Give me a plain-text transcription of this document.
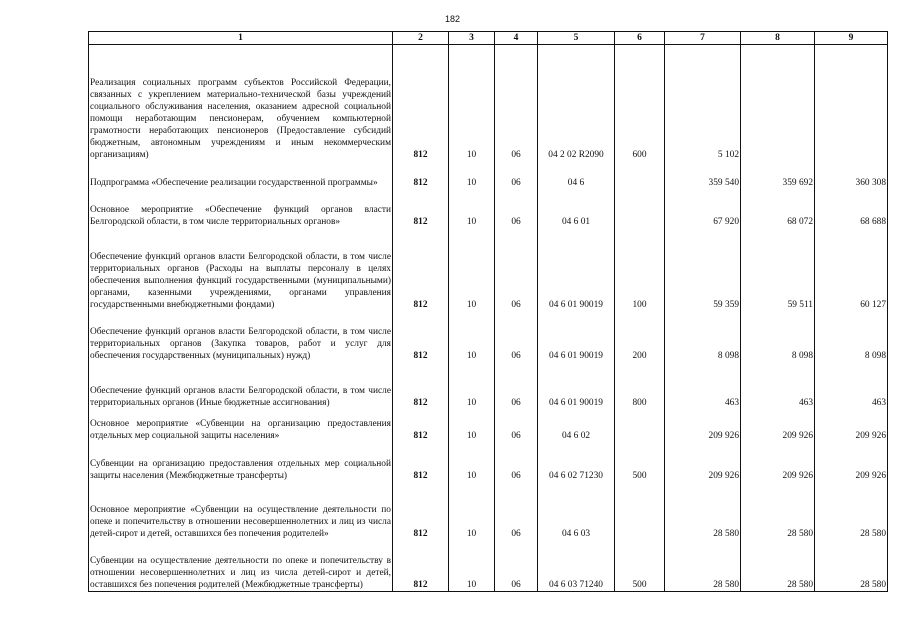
182
1	2	3	4	5	6	7	8	9
Реализация социальных программ субъектов Российской Федерации, связанных с укреплением материально-технической базы учреждений социального обслуживания населения, оказанием адресной социальной помощи неработающим пенсионерам, обучением компьютерной грамотности неработающих пенсионеров (Предоставление субсидий бюджетным, автономным учреждениям и иным некоммерческим организациям)	812	10	06	04 2 02 R2090	600	5 102		
Подпрограмма «Обеспечение реализации государственной программы»	812	10	06	04 6		359 540	359 692	360 308
Основное мероприятие «Обеспечение функций органов власти Белгородской области, в том числе территориальных органов»	812	10	06	04 6 01		67 920	68 072	68 688
Обеспечение функций органов власти Белгородской области, в том числе территориальных органов (Расходы на выплаты персоналу в целях обеспечения выполнения функций государственными (муниципальными) органами, казенными учреждениями, органами управления государственными внебюджетными фондами)	812	10	06	04 6 01 90019	100	59 359	59 511	60 127
Обеспечение функций органов власти Белгородской области, в том числе территориальных органов (Закупка товаров, работ и услуг для обеспечения государственных (муниципальных) нужд)	812	10	06	04 6 01 90019	200	8 098	8 098	8 098
Обеспечение функций органов власти Белгородской области, в том числе территориальных органов (Иные бюджетные ассигнования)	812	10	06	04 6 01 90019	800	463	463	463
Основное мероприятие «Субвенции на организацию предоставления отдельных мер социальной защиты населения»	812	10	06	04 6 02		209 926	209 926	209 926
Субвенции на организацию предоставления отдельных мер социальной защиты населения (Межбюджетные трансферты)	812	10	06	04 6 02 71230	500	209 926	209 926	209 926
Основное мероприятие «Субвенции на осуществление деятельности по опеке и попечительству в отношении несовершеннолетних и лиц из числа детей-сирот и детей, оставшихся без попечения родителей»	812	10	06	04 6 03		28 580	28 580	28 580
Субвенции на осуществление деятельности по опеке и попечительству в отношении несовершеннолетних и лиц из числа детей-сирот и детей, оставшихся без попечения родителей (Межбюджетные трансферты)	812	10	06	04 6 03 71240	500	28 580	28 580	28 580
